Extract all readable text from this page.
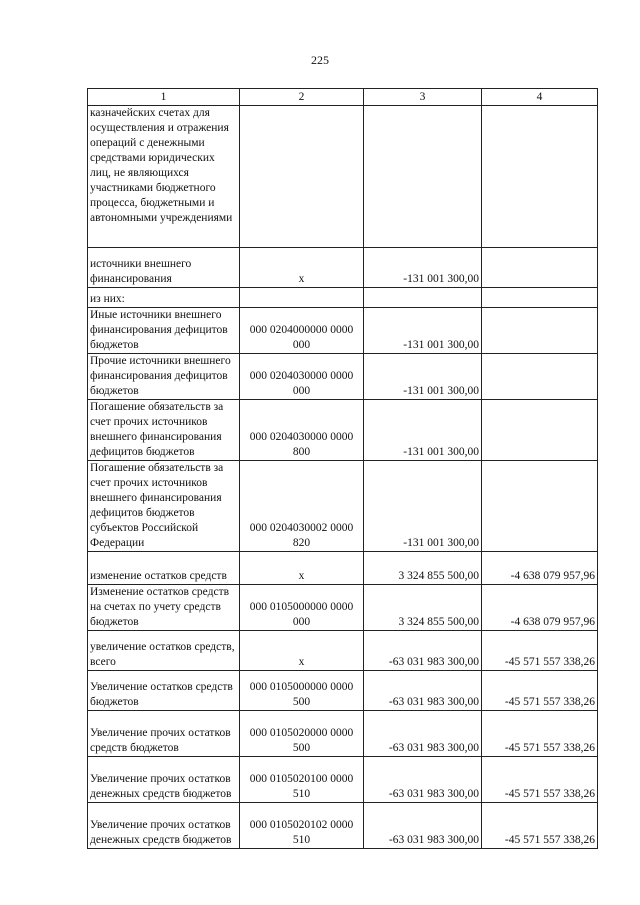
225
1	2	3	4
казначейских счетах для осуществления и отражения операций с денежными средствами юридических лиц, не являющихся участниками бюджетного процесса, бюджетными и автономными учреждениями			
источники внешнего финансирования	x	-131 001 300,00	
из них:			
Иные источники внешнего финансирования дефицитов бюджетов	000 0204000000 0000 000	-131 001 300,00	
Прочие источники внешнего финансирования дефицитов бюджетов	000 0204030000 0000 000	-131 001 300,00	
Погашение обязательств за счет прочих источников внешнего финансирования дефицитов бюджетов	000 0204030000 0000 800	-131 001 300,00	
Погашение обязательств за счет прочих источников внешнего финансирования дефицитов бюджетов субъектов Российской Федерации	000 0204030002 0000 820	-131 001 300,00	
изменение остатков средств	x	3 324 855 500,00	-4 638 079 957,96
Изменение остатков средств на счетах по учету средств бюджетов	000 0105000000 0000 000	3 324 855 500,00	-4 638 079 957,96
увеличение остатков средств, всего	x	-63 031 983 300,00	-45 571 557 338,26
Увеличение остатков средств бюджетов	000 0105000000 0000 500	-63 031 983 300,00	-45 571 557 338,26
Увеличение прочих остатков средств бюджетов	000 0105020000 0000 500	-63 031 983 300,00	-45 571 557 338,26
Увеличение прочих остатков денежных средств бюджетов	000 0105020100 0000 510	-63 031 983 300,00	-45 571 557 338,26
Увеличение прочих остатков денежных средств бюджетов	000 0105020102 0000 510	-63 031 983 300,00	-45 571 557 338,26
